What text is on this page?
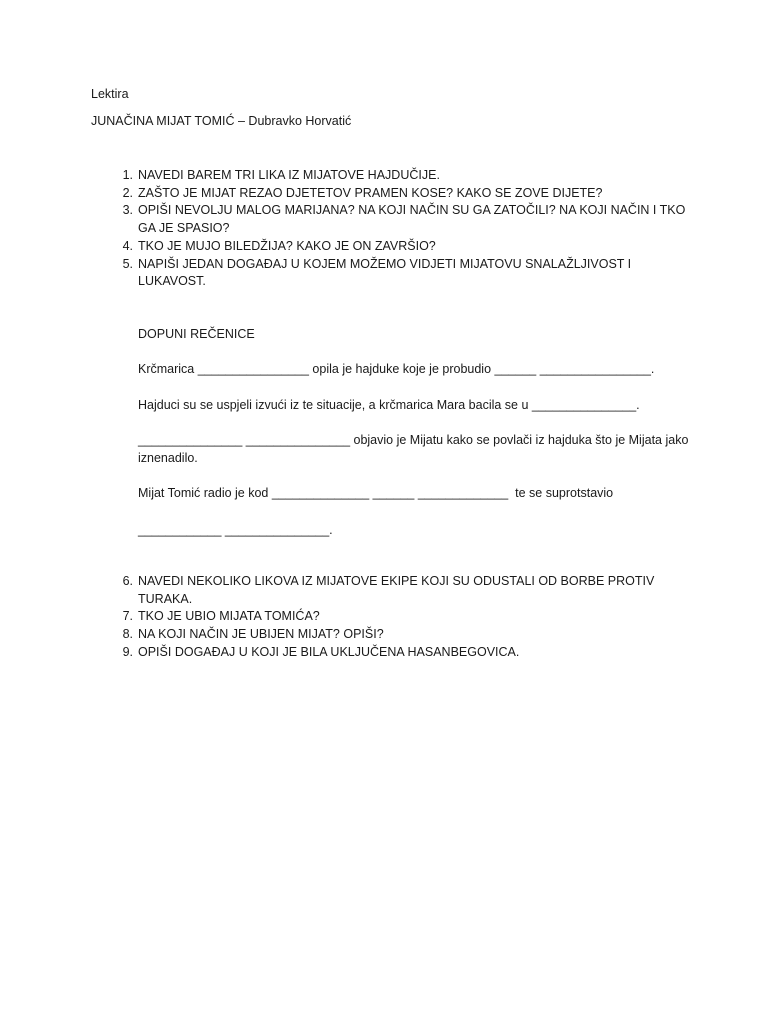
Lektira
JUNAČINA MIJAT TOMIĆ – Dubravko Horvatić
1. NAVEDI BAREM TRI LIKA IZ MIJATOVE HAJDUČIJE.
2. ZAŠTO JE MIJAT REZAO DJETETOV PRAMEN KOSE? KAKO SE ZOVE DIJETE?
3. OPIŠI NEVOLJU MALOG MARIJANA? NA KOJI NAČIN SU GA ZATOČILI? NA KOJI NAČIN I TKO
GA JE SPASIO?
4. TKO JE MUJO BILEDŽIJA? KAKO JE ON ZAVRŠIO?
5. NAPIŠI JEDAN DOGAĐAJ U KOJEM MOŽEMO VIDJETI MIJATOVU SNALAŽLJIVOST I LUKAVOST.
DOPUNI REČENICE
Krčmarica ________________ opila je hajduke koje je probudio ______ ________________.
Hajduci su se uspjeli izvući iz te situacije, a krčmarica Mara bacila se u _______________.
_______________ _______________ objavio je Mijatu kako se povlači iz hajduka što je Mijata jako iznenadilo.
Mijat Tomić radio je kod ______________ ______ _____________  te se suprotstavio
____________ _______________.
6. NAVEDI NEKOLIKO LIKOVA IZ MIJATOVE EKIPE KOJI SU ODUSTALI OD BORBE PROTIV TURAKA.
7. TKO JE UBIO MIJATA TOMIĆA?
8. NA KOJI NAČIN JE UBIJEN MIJAT? OPIŠI?
9. OPIŠI DOGAĐAJ U KOJI JE BILA UKLJUČENA HASANBEGOVICA.
